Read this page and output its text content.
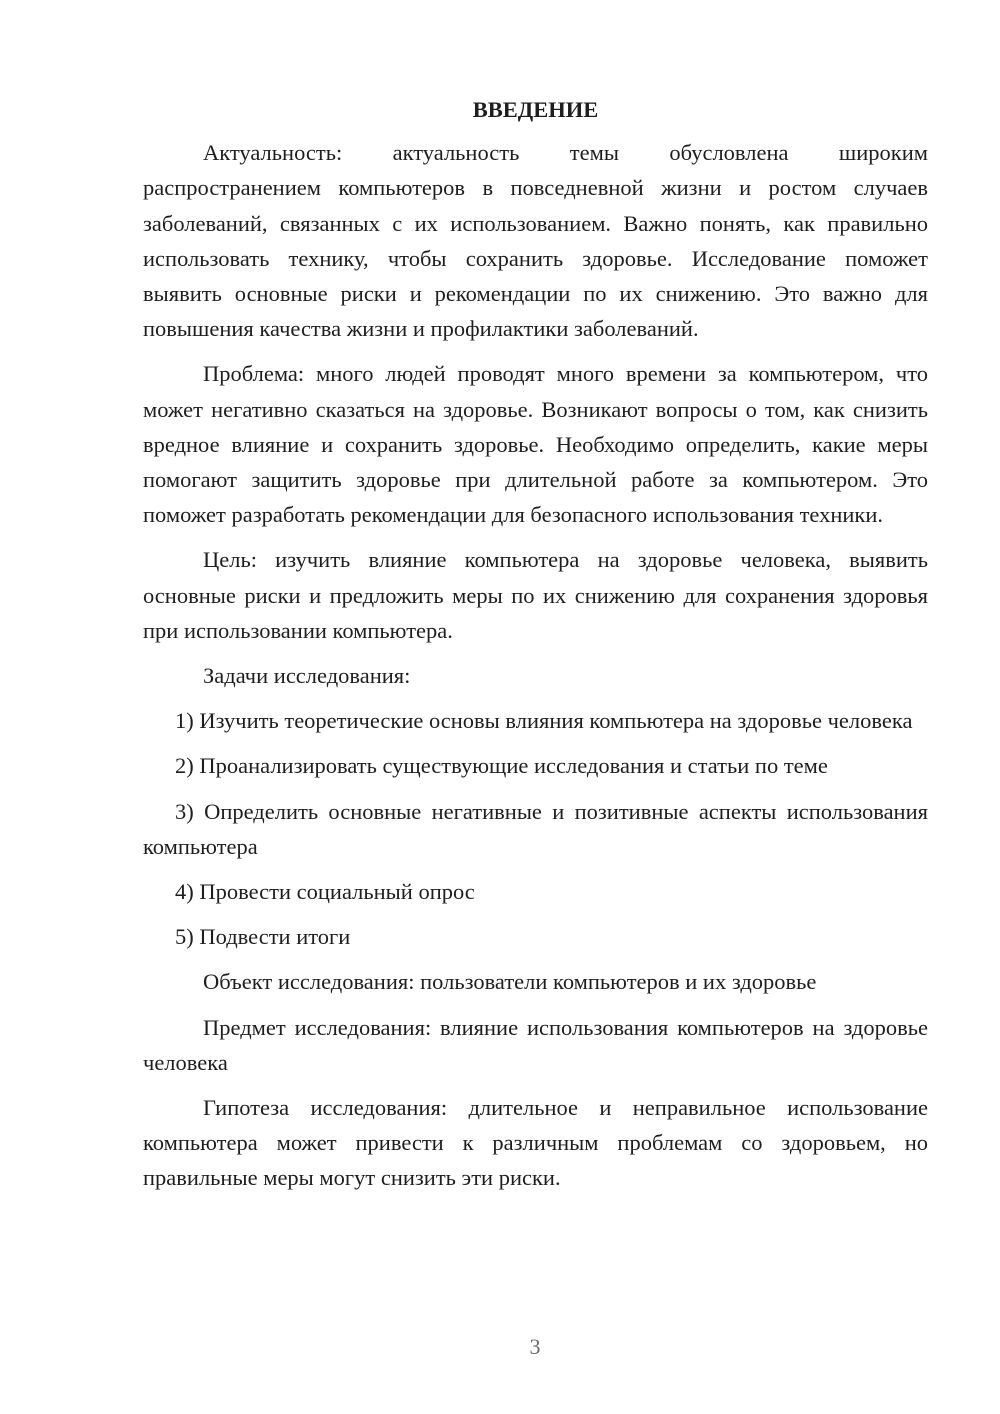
ВВЕДЕНИЕ

Актуальность: актуальность темы обусловлена широким распространением компьютеров в повседневной жизни и ростом случаев заболеваний, связанных с их использованием. Важно понять, как правильно использовать технику, чтобы сохранить здоровье. Исследование поможет выявить основные риски и рекомендации по их снижению. Это важно для повышения качества жизни и профилактики заболеваний.

Проблема: много людей проводят много времени за компьютером, что может негативно сказаться на здоровье. Возникают вопросы о том, как снизить вредное влияние и сохранить здоровье. Необходимо определить, какие меры помогают защитить здоровье при длительной работе за компьютером. Это поможет разработать рекомендации для безопасного использования техники.

Цель: изучить влияние компьютера на здоровье человека, выявить основные риски и предложить меры по их снижению для сохранения здоровья при использовании компьютера.

Задачи исследования:

1) Изучить теоретические основы влияния компьютера на здоровье человека

2) Проанализировать существующие исследования и статьи по теме

3) Определить основные негативные и позитивные аспекты использования компьютера

4) Провести социальный опрос

5) Подвести итоги

Объект исследования: пользователи компьютеров и их здоровье

Предмет исследования: влияние использования компьютеров на здоровье человека

Гипотеза исследования: длительное и неправильное использование компьютера может привести к различным проблемам со здоровьем, но правильные меры могут снизить эти риски.

3
